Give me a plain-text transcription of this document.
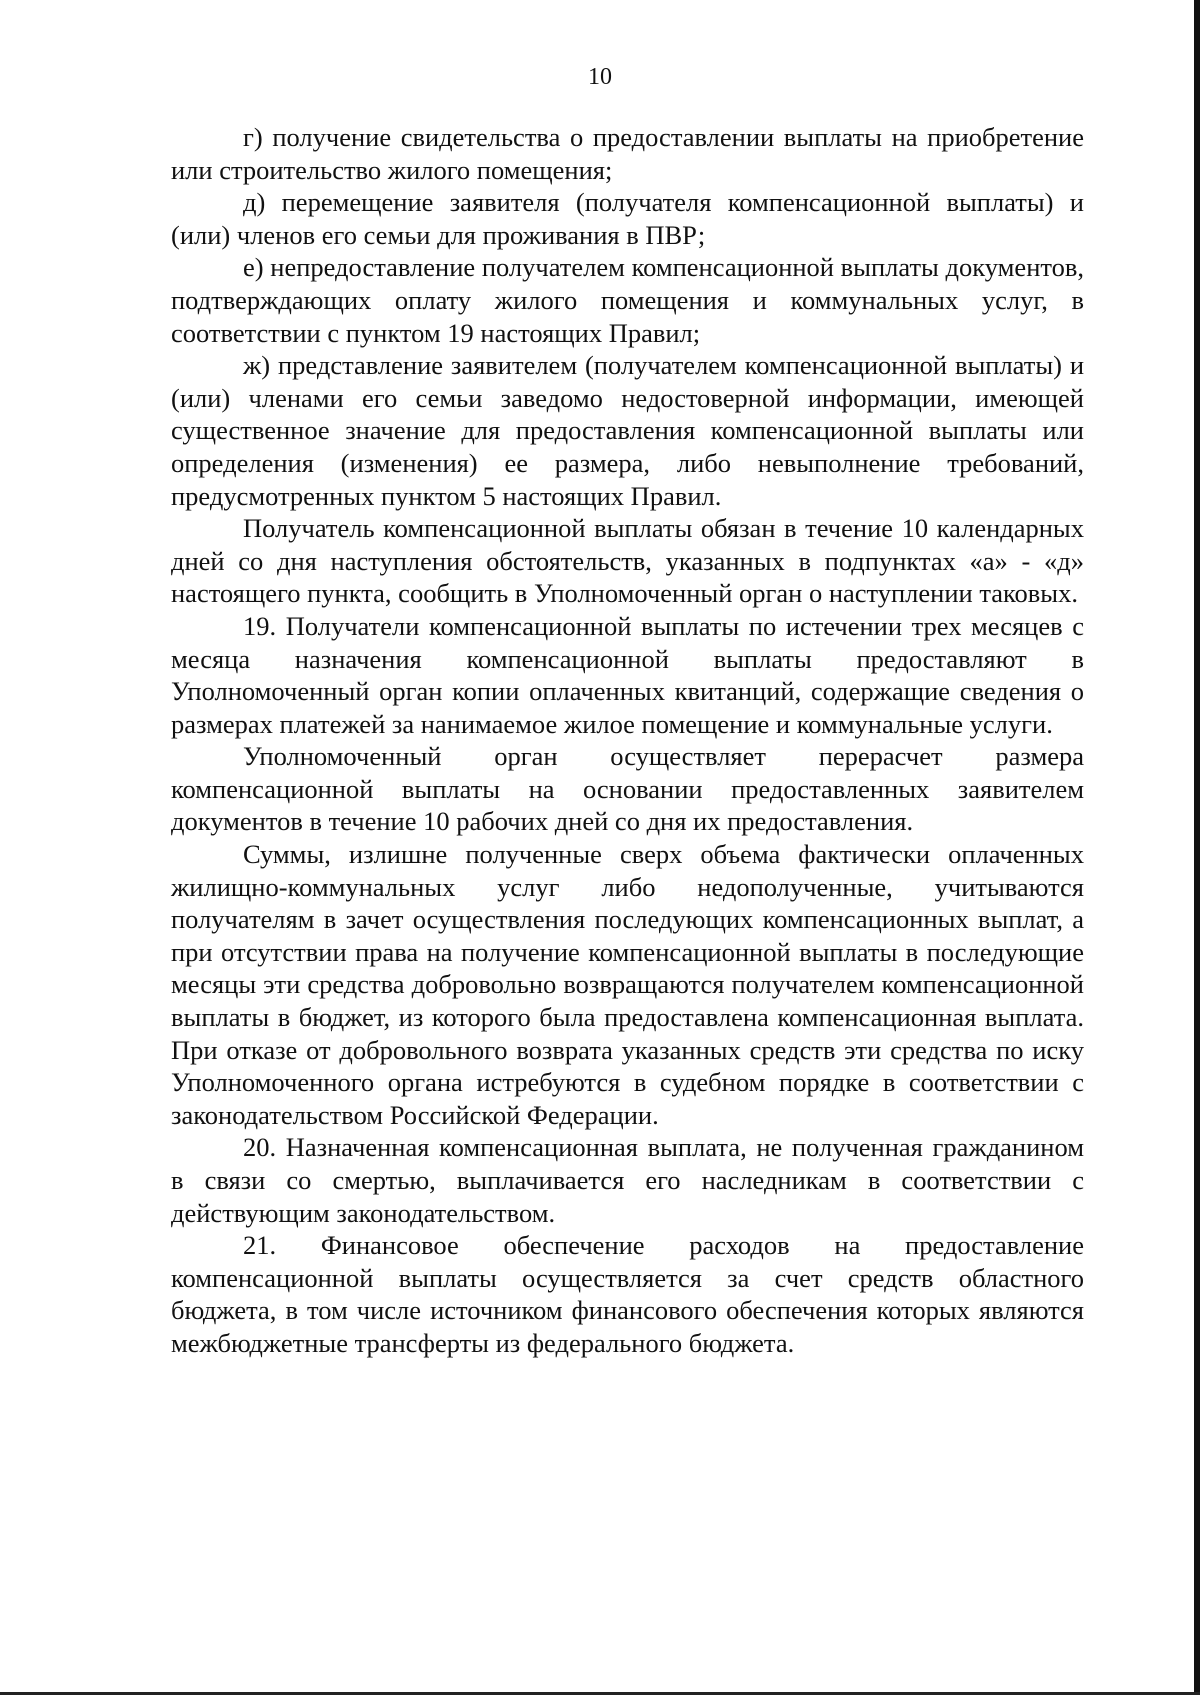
10

г) получение свидетельства о предоставлении выплаты на приобретение или строительство жилого помещения;

д) перемещение заявителя (получателя компенсационной выплаты) и (или) членов его семьи для проживания в ПВР;

е) непредоставление получателем компенсационной выплаты документов, подтверждающих оплату жилого помещения и коммунальных услуг, в соответствии с пунктом 19 настоящих Правил;

ж) представление заявителем (получателем компенсационной выплаты) и (или) членами его семьи заведомо недостоверной информации, имеющей существенное значение для предоставления компенсационной выплаты или определения (изменения) ее размера, либо невыполнение требований, предусмотренных пунктом 5 настоящих Правил.

Получатель компенсационной выплаты обязан в течение 10 календарных дней со дня наступления обстоятельств, указанных в подпунктах «а» - «д» настоящего пункта, сообщить в Уполномоченный орган о наступлении таковых.

19. Получатели компенсационной выплаты по истечении трех месяцев с месяца назначения компенсационной выплаты предоставляют в Уполномоченный орган копии оплаченных квитанций, содержащие сведения о размерах платежей за нанимаемое жилое помещение и коммунальные услуги.

Уполномоченный орган осуществляет перерасчет размера компенсационной выплаты на основании предоставленных заявителем документов в течение 10 рабочих дней со дня их предоставления.

Суммы, излишне полученные сверх объема фактически оплаченных жилищно-коммунальных услуг либо недополученные, учитываются получателям в зачет осуществления последующих компенсационных выплат, а при отсутствии права на получение компенсационной выплаты в последующие месяцы эти средства добровольно возвращаются получателем компенсационной выплаты в бюджет, из которого была предоставлена компенсационная выплата. При отказе от добровольного возврата указанных средств эти средства по иску Уполномоченного органа истребуются в судебном порядке в соответствии с законодательством Российской Федерации.

20. Назначенная компенсационная выплата, не полученная гражданином в связи со смертью, выплачивается его наследникам в соответствии с действующим законодательством.

21. Финансовое обеспечение расходов на предоставление компенсационной выплаты осуществляется за счет средств областного бюджета, в том числе источником финансового обеспечения которых являются межбюджетные трансферты из федерального бюджета.
